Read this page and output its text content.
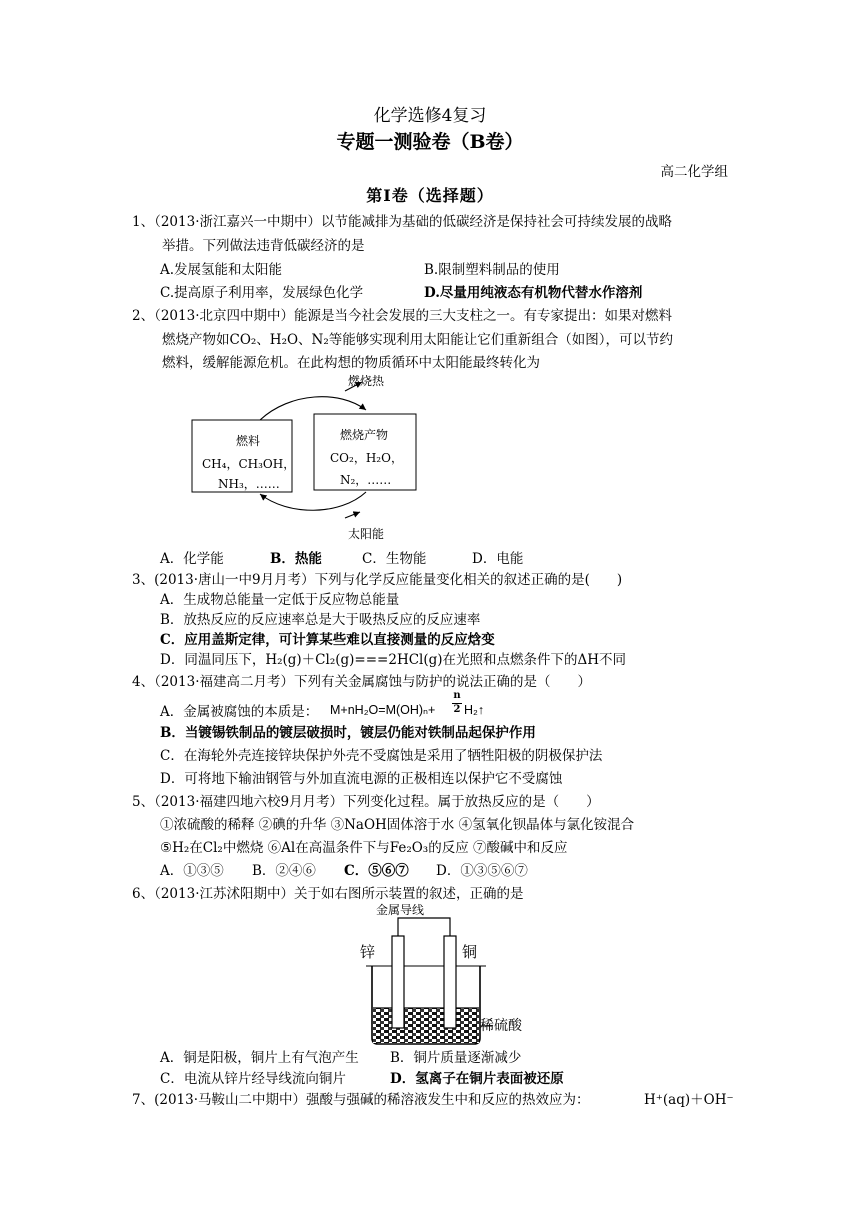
化学选修4复习
专题一测验卷（B卷）
高二化学组
第Ⅰ卷（选择题）
1、（2013·浙江嘉兴一中期中）以节能减排为基础的低碳经济是保持社会可持续发展的战略
举措。下列做法违背低碳经济的是
A.发展氢能和太阳能	B.限制塑料制品的使用
C.提高原子利用率，发展绿色化学	D.尽量用纯液态有机物代替水作溶剂
2、（2013·北京四中期中）能源是当今社会发展的三大支柱之一。有专家提出：如果对燃料
燃烧产物如CO₂、H₂O、N₂等能够实现利用太阳能让它们重新组合（如图），可以节约
燃料，缓解能源危机。在此构想的物质循环中太阳能最终转化为
燃烧热
燃料
CH₄，CH₃OH，
NH₃，……
燃烧产物
CO₂，H₂O，
N₂，……
太阳能
A．化学能	B．热能	C．生物能	D．电能
3、(2013·唐山一中9月月考）下列与化学反应能量变化相关的叙述正确的是(　　)
A．生成物总能量一定低于反应物总能量
B．放热反应的反应速率总是大于吸热反应的反应速率
C．应用盖斯定律，可计算某些难以直接测量的反应焓变
D．同温同压下，H₂(g)＋Cl₂(g)===2HCl(g)在光照和点燃条件下的ΔH不同
4、（2013·福建高二月考）下列有关金属腐蚀与防护的说法正确的是（　　）
A．金属被腐蚀的本质是： M+nH₂O=M(OH)ₙ+
n
2 H₂↑
B．当镀锡铁制品的镀层破损时，镀层仍能对铁制品起保护作用
C．在海轮外壳连接锌块保护外壳不受腐蚀是采用了牺牲阳极的阴极保护法
D．可将地下输油钢管与外加直流电源的正极相连以保护它不受腐蚀
5、（2013·福建四地六校9月月考）下列变化过程。属于放热反应的是（　　）
①浓硫酸的稀释 ②碘的升华 ③NaOH固体溶于水 ④氢氧化钡晶体与氯化铵混合
⑤H₂在Cl₂中燃烧 ⑥Al在高温条件下与Fe₂O₃的反应 ⑦酸碱中和反应
A．①③⑤ B．②④⑥ C．⑤⑥⑦ D．①③⑤⑥⑦
6、（2013·江苏沭阳期中）关于如右图所示装置的叙述，正确的是
金属导线
锌	铜
稀硫酸
A．铜是阳极，铜片上有气泡产生 B．铜片质量逐渐减少
C．电流从锌片经导线流向铜片	D．氢离子在铜片表面被还原
7、(2013·马鞍山二中期中）强酸与强碱的稀溶液发生中和反应的热效应为：	H⁺(aq)＋OH⁻
